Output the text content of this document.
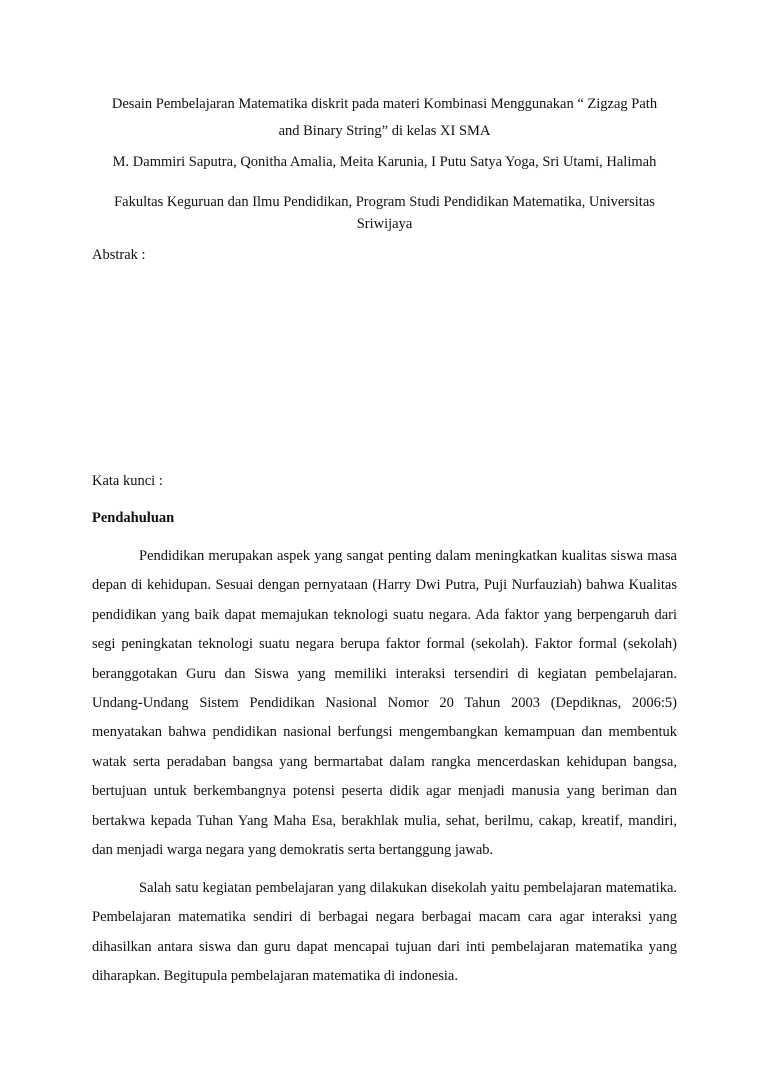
Desain Pembelajaran Matematika diskrit pada materi Kombinasi Menggunakan “ Zigzag Path
and Binary String” di kelas XI SMA
M. Dammiri Saputra, Qonitha Amalia, Meita Karunia, I Putu Satya Yoga, Sri Utami, Halimah
Fakultas Keguruan dan Ilmu Pendidikan, Program Studi Pendidikan Matematika, Universitas
Sriwijaya
Abstrak :
Kata kunci :
Pendahuluan

Pendidikan merupakan aspek yang sangat penting dalam meningkatkan kualitas siswa masa depan di kehidupan. Sesuai dengan pernyataan (Harry Dwi Putra, Puji Nurfauziah) bahwa Kualitas pendidikan yang baik dapat memajukan teknologi suatu negara. Ada faktor yang berpengaruh dari segi peningkatan teknologi suatu negara berupa faktor formal (sekolah). Faktor formal (sekolah) beranggotakan Guru dan Siswa yang memiliki interaksi tersendiri di kegiatan pembelajaran. Undang-Undang Sistem Pendidikan Nasional Nomor 20 Tahun 2003 (Depdiknas, 2006:5) menyatakan bahwa pendidikan nasional berfungsi mengembangkan kemampuan dan membentuk watak serta peradaban bangsa yang bermartabat dalam rangka mencerdaskan kehidupan bangsa, bertujuan untuk berkembangnya potensi peserta didik agar menjadi manusia yang beriman dan bertakwa kepada Tuhan Yang Maha Esa, berakhlak mulia, sehat, berilmu, cakap, kreatif, mandiri, dan menjadi warga negara yang demokratis serta bertanggung jawab.

Salah satu kegiatan pembelajaran yang dilakukan disekolah yaitu pembelajaran matematika. Pembelajaran matematika sendiri di berbagai negara berbagai macam cara agar interaksi yang dihasilkan antara siswa dan guru dapat mencapai tujuan dari inti pembelajaran matematika yang diharapkan. Begitupula pembelajaran matematika di indonesia.
